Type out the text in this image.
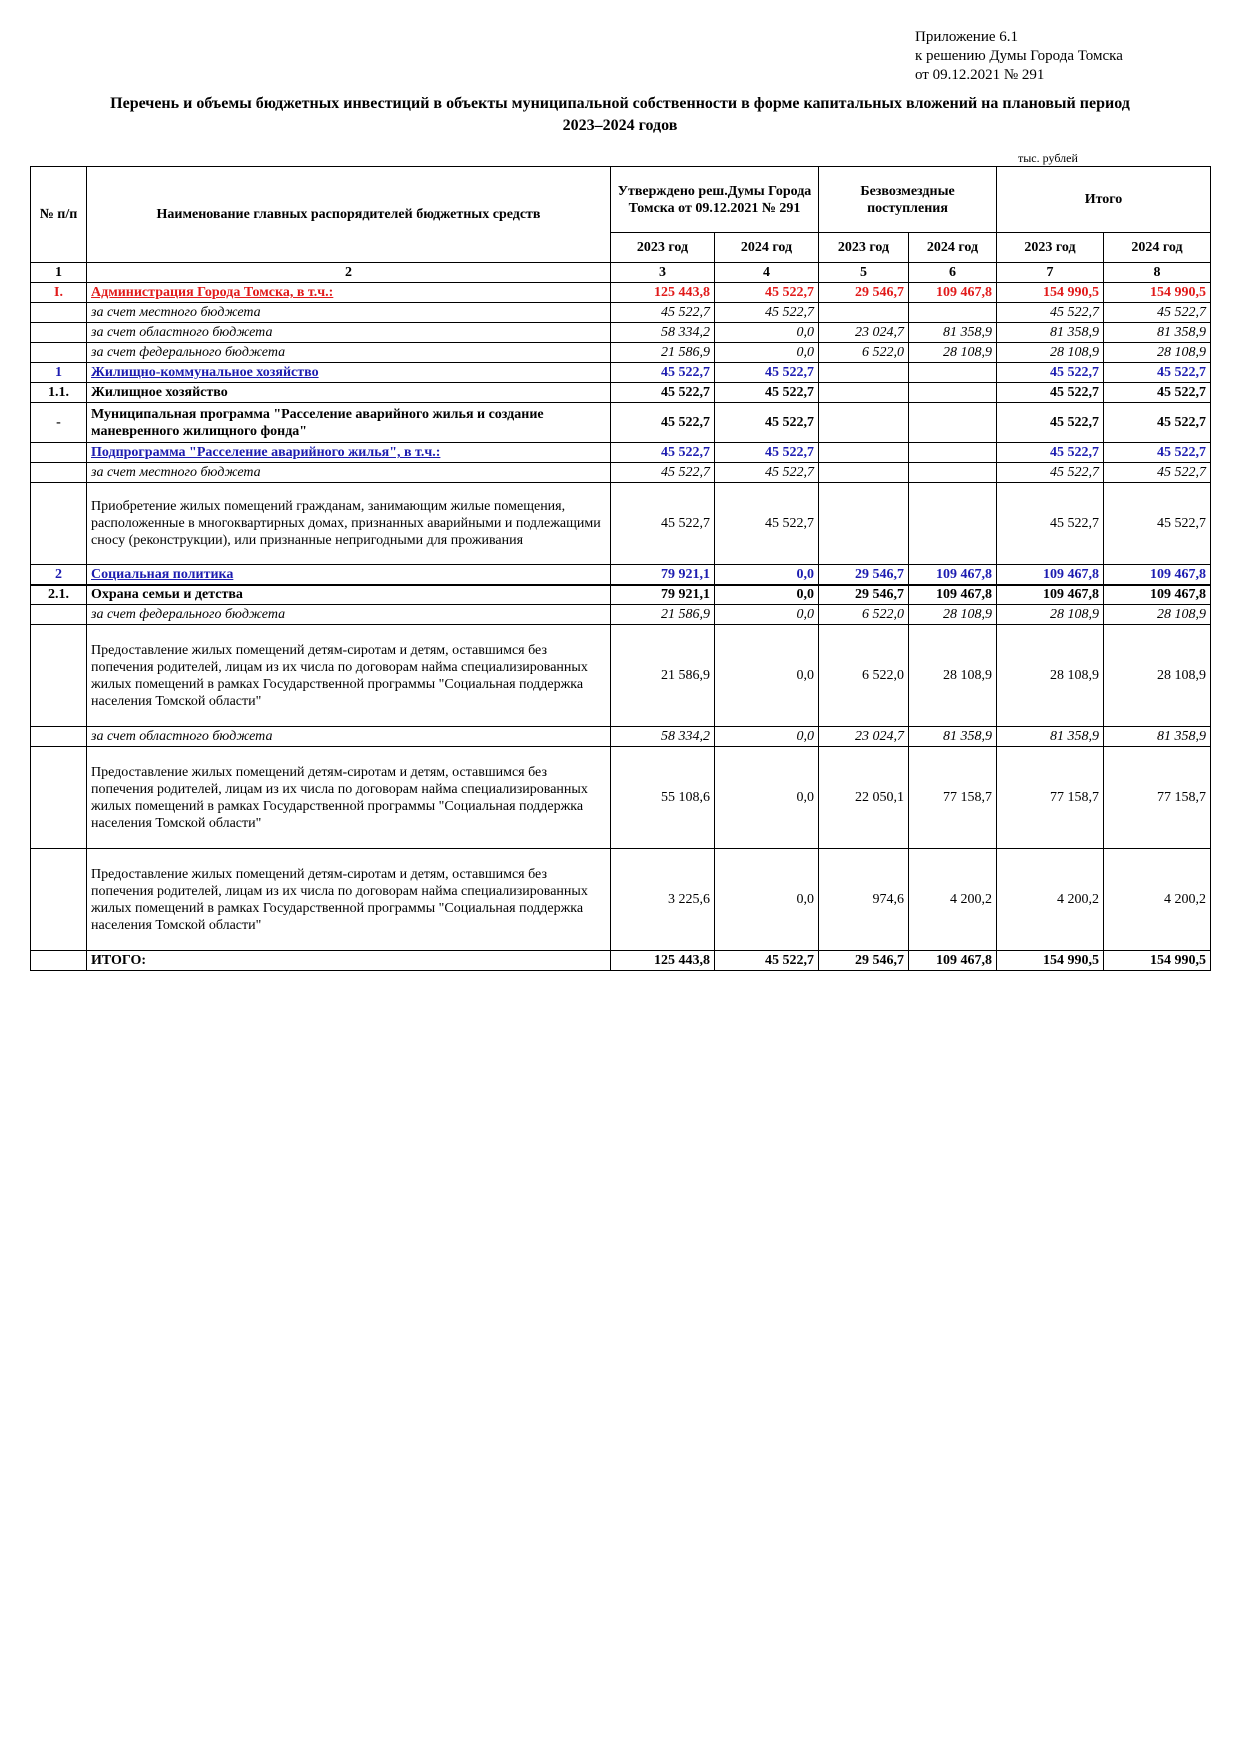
Приложение 6.1
к решению Думы Города Томска
от 09.12.2021 № 291
Перечень и объемы бюджетных инвестиций в объекты муниципальной собственности в форме капитальных вложений на плановый период
2023–2024 годов
тыс. рублей
№ п/п	Наименование главных распорядителей бюджетных средств	Утверждено реш.Думы Города Томска от 09.12.2021 № 291		Безвозмездные поступления		Итого	
		2023 год	2024 год	2023 год	2024 год	2023 год	2024 год
1	2	3	4	5	6	7	8
I.	Администрация Города Томска, в т.ч.:	125 443,8	45 522,7	29 546,7	109 467,8	154 990,5	154 990,5
	за счет местного бюджета	45 522,7	45 522,7			45 522,7	45 522,7
	за счет областного бюджета	58 334,2	0,0	23 024,7	81 358,9	81 358,9	81 358,9
	за счет федерального бюджета	21 586,9	0,0	6 522,0	28 108,9	28 108,9	28 108,9
1	Жилищно-коммунальное хозяйство	45 522,7	45 522,7			45 522,7	45 522,7
1.1.	Жилищное хозяйство	45 522,7	45 522,7			45 522,7	45 522,7
-	Муниципальная программа "Расселение аварийного жилья и создание маневренного жилищного фонда"	45 522,7	45 522,7			45 522,7	45 522,7
	Подпрограмма "Расселение аварийного жилья", в т.ч.:	45 522,7	45 522,7			45 522,7	45 522,7
	за счет местного бюджета	45 522,7	45 522,7			45 522,7	45 522,7
	Приобретение жилых помещений гражданам, занимающим жилые помещения, расположенные в многоквартирных домах, признанных аварийными и подлежащими сносу (реконструкции), или признанные непригодными для проживания	45 522,7	45 522,7			45 522,7	45 522,7
2	Социальная политика	79 921,1	0,0	29 546,7	109 467,8	109 467,8	109 467,8
2.1.	Охрана семьи и детства	79 921,1	0,0	29 546,7	109 467,8	109 467,8	109 467,8
	за счет федерального бюджета	21 586,9	0,0	6 522,0	28 108,9	28 108,9	28 108,9
	Предоставление жилых помещений детям-сиротам и детям, оставшимся без попечения родителей, лицам из их числа по договорам найма специализированных жилых помещений в рамках Государственной программы "Социальная поддержка населения Томской области"	21 586,9	0,0	6 522,0	28 108,9	28 108,9	28 108,9
	за счет областного бюджета	58 334,2	0,0	23 024,7	81 358,9	81 358,9	81 358,9
	Предоставление жилых помещений детям-сиротам и детям, оставшимся без попечения родителей, лицам из их числа по договорам найма специализированных жилых помещений в рамках Государственной программы "Социальная поддержка населения Томской области"	55 108,6	0,0	22 050,1	77 158,7	77 158,7	77 158,7
	Предоставление жилых помещений детям-сиротам и детям, оставшимся без попечения родителей, лицам из их числа по договорам найма специализированных жилых помещений в рамках Государственной программы "Социальная поддержка населения Томской области"	3 225,6	0,0	974,6	4 200,2	4 200,2	4 200,2
	ИТОГО:	125 443,8	45 522,7	29 546,7	109 467,8	154 990,5	154 990,5
